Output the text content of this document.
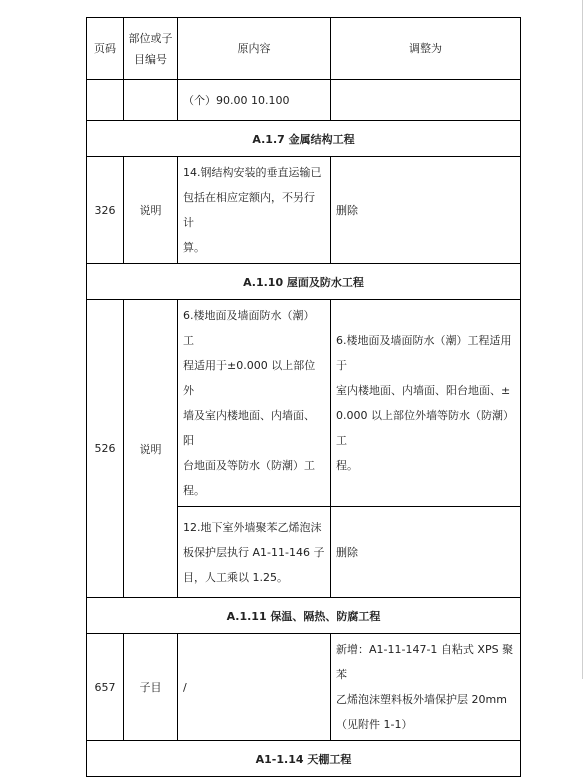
页码	部位或子
目编号	原内容	调整为

		（个）90.00 10.100	

A.1.7 金属结构工程			
326	说明	14.钢结构安装的垂直运输已
包括在相应定额内，不另行计
算。	删除

A.1.10 屋面及防水工程			
526	说明	6.楼地面及墙面防水（潮）工
程适用于±0.000 以上部位外
墙及室内楼地面、内墙面、阳
台地面及等防水（防潮）工程。	6.楼地面及墙面防水（潮）工程适用于
室内楼地面、内墙面、阳台地面、±
0.000 以上部位外墙等防水（防潮）工
程。

		12.地下室外墙聚苯乙烯泡沫
板保护层执行 A1-11-146 子
目，人工乘以 1.25。	删除

A.1.11 保温、隔热、防腐工程			
657	子目	/	新增：A1-11-147-1 自粘式 XPS 聚苯
乙烯泡沫塑料板外墙保护层 20mm
（见附件 1-1）

A1-1.14 天棚工程			
